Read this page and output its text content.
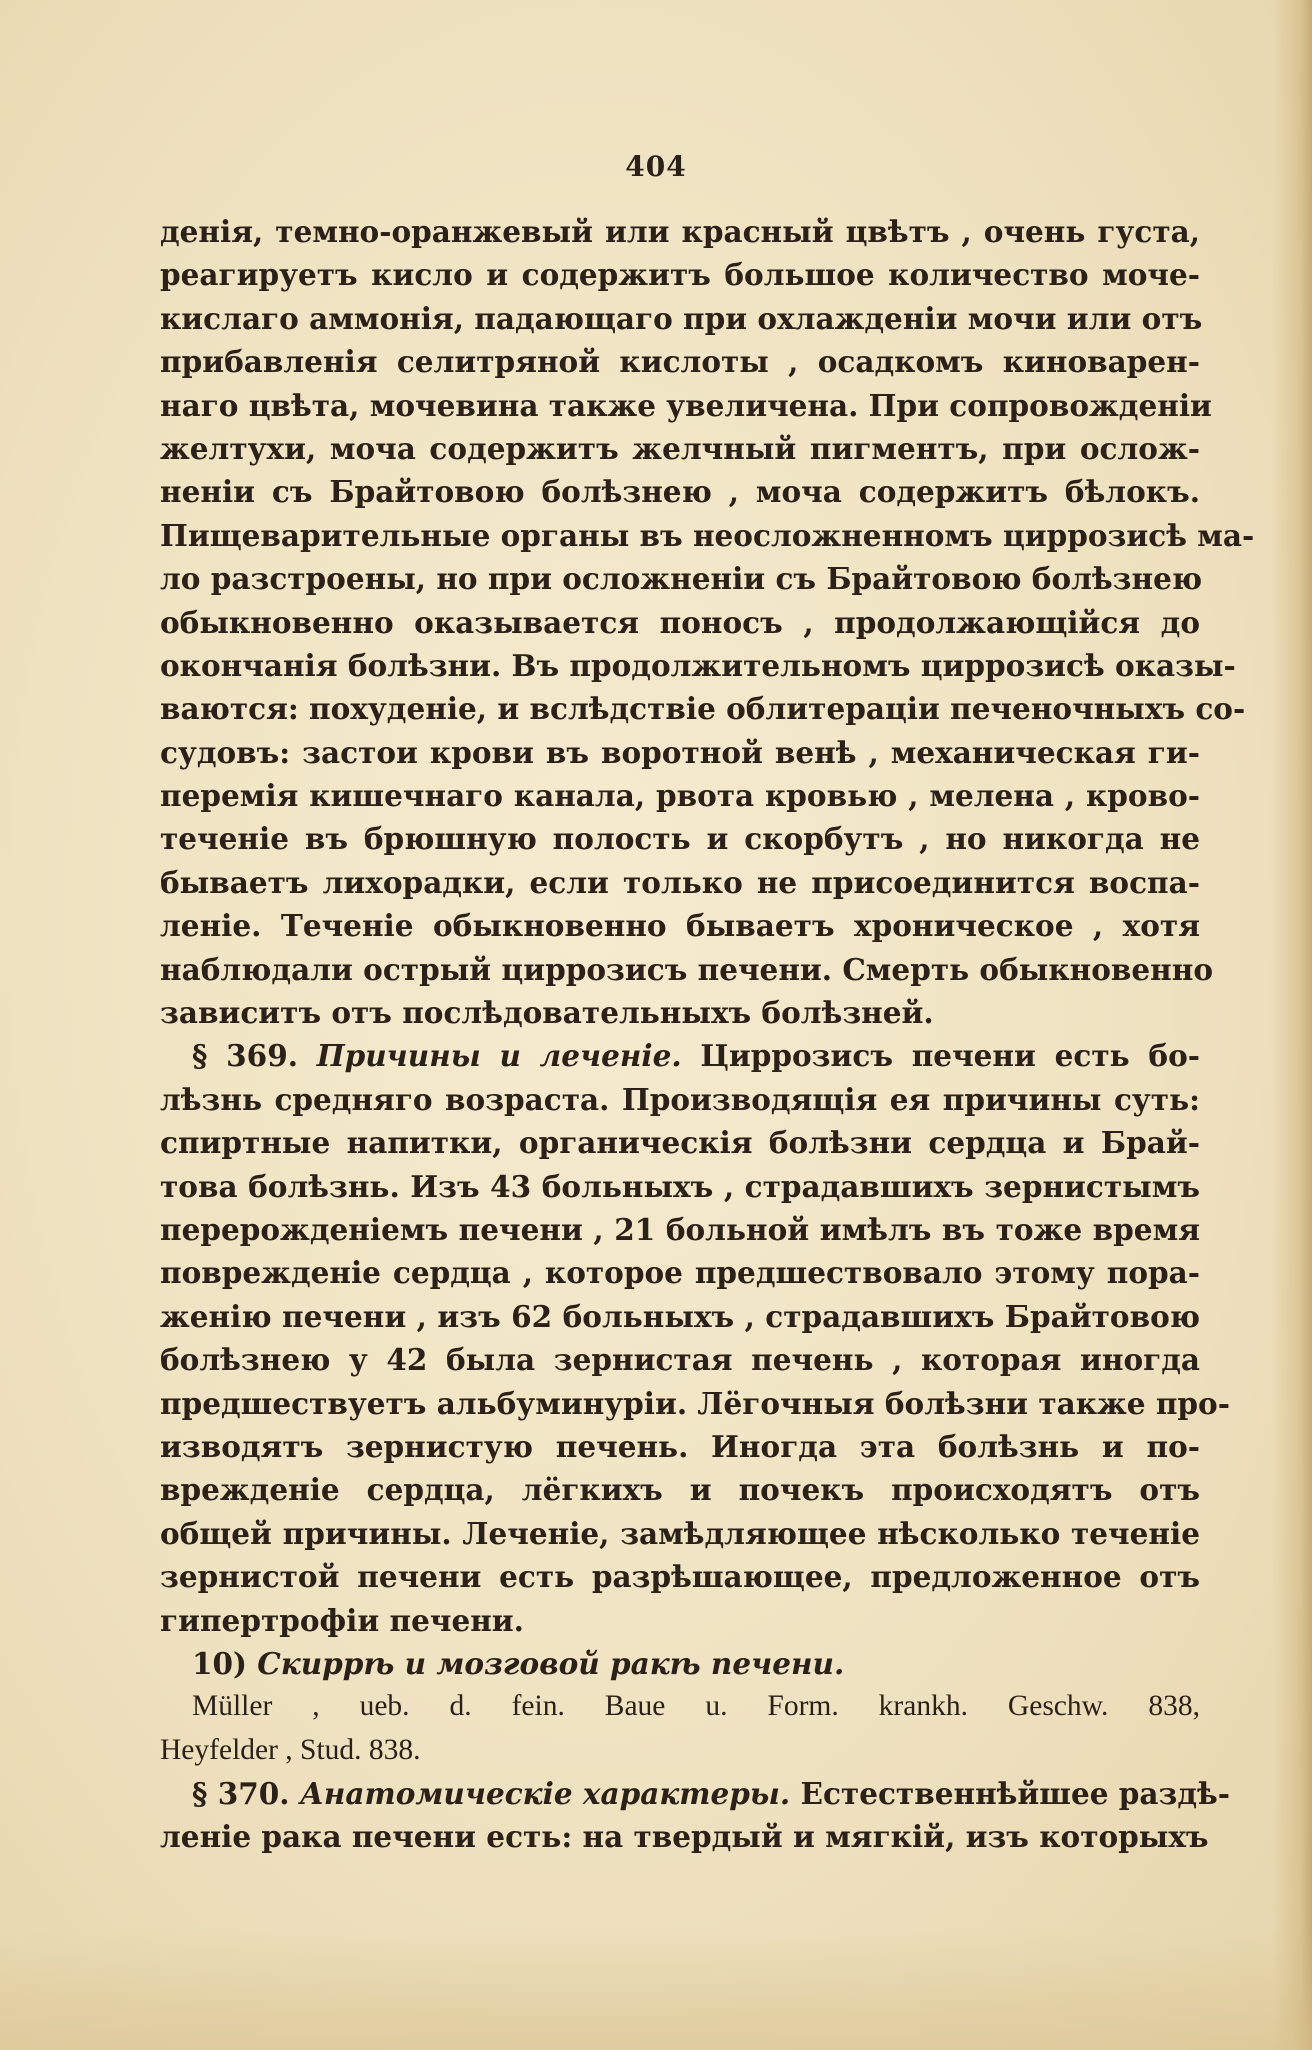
404
денія, темно-оранжевый или красный цвѣтъ , очень густа,
реагируетъ кисло и содержитъ большое количество моче-
кислаго аммонія, падающаго при охлажденіи мочи или отъ
прибавленія селитряной кислоты , осадкомъ киноварен-
наго цвѣта, мочевина также увеличена. При сопровожденіи
желтухи, моча содержитъ желчный пигментъ, при ослож-
неніи съ Брайтовою болѣзнею , моча содержитъ бѣлокъ.
Пищеварительные органы въ неосложненномъ циррозисѣ ма-
ло разстроены, но при осложненіи съ Брайтовою болѣзнею
обыкновенно оказывается поносъ , продолжающійся до
окончанія болѣзни. Въ продолжительномъ циррозисѣ оказы-
ваются: похуденіе, и вслѣдствіе облитераціи печеночныхъ со-
судовъ: застои крови въ воротной венѣ , механическая ги-
перемія кишечнаго канала, рвота кровью , мелена , крово-
теченіе въ брюшную полость и скорбутъ , но никогда не
бываетъ лихорадки, если только не присоединится воспа-
леніе. Теченіе обыкновенно бываетъ хроническое , хотя
наблюдали острый циррозисъ печени. Смерть обыкновенно
зависитъ отъ послѣдовательныхъ болѣзней.
§ 369. Причины и леченіе. Циррозисъ печени есть бо-
лѣзнь средняго возраста. Производящія ея причины суть:
спиртные напитки, органическія болѣзни сердца и Брай-
това болѣзнь. Изъ 43 больныхъ , страдавшихъ зернистымъ
перерожденіемъ печени , 21 больной имѣлъ въ тоже время
поврежденіе сердца , которое предшествовало этому пора-
женію печени , изъ 62 больныхъ , страдавшихъ Брайтовою
болѣзнею у 42 была зернистая печень , которая иногда
предшествуетъ альбуминуріи. Лёгочныя болѣзни также про-
изводятъ зернистую печень. Иногда эта болѣзнь и по-
врежденіе сердца, лёгкихъ и почекъ происходятъ отъ
общей причины. Леченіе, замѣдляющее нѣсколько теченіе
зернистой печени есть разрѣшающее, предложенное отъ
гипертрофіи печени.
10) Скиррѣ и мозговой ракѣ печени.
Müller , ueb. d. fein. Baue u. Form. krankh. Geschw. 838,
Heyfelder , Stud. 838.
§ 370. Анатомическіе характеры. Естественнѣйшее раздѣ-
леніе рака печени есть: на твердый и мягкій, изъ которыхъ
